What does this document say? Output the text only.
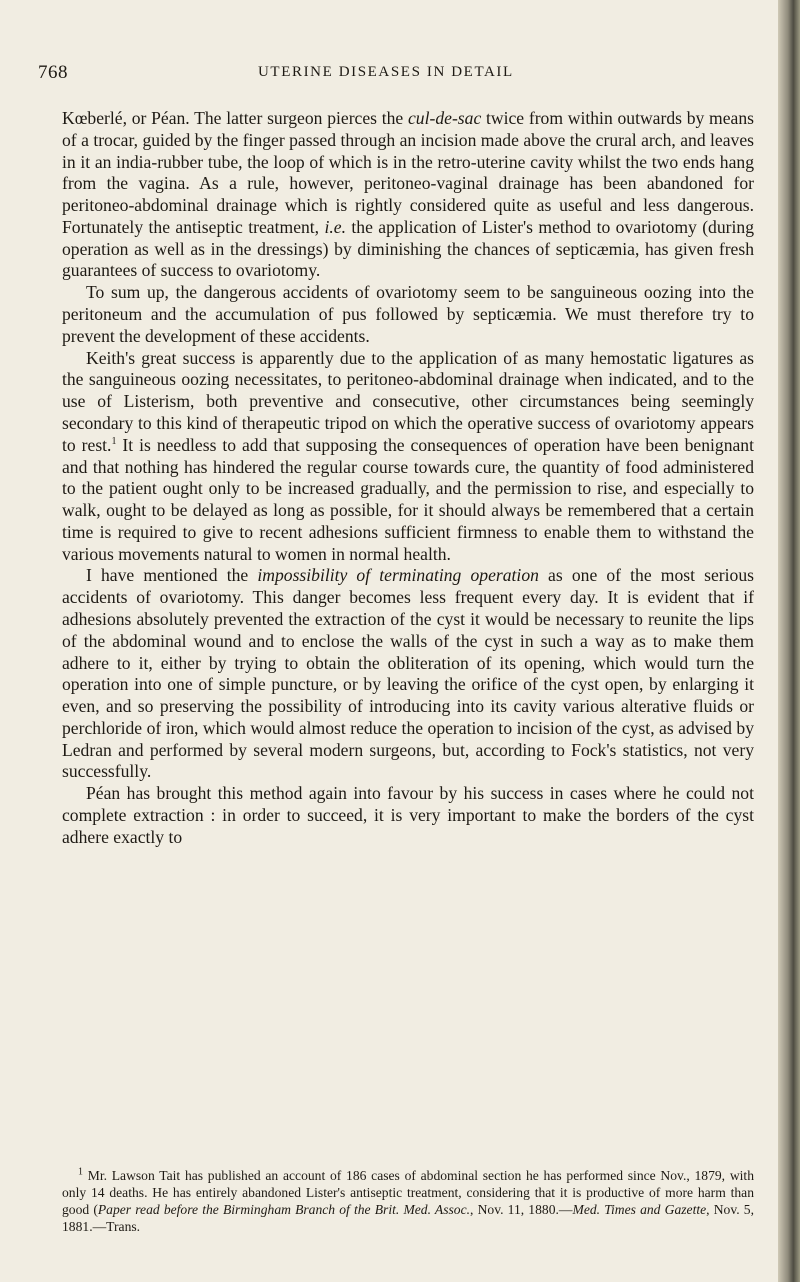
768	UTERINE DISEASES IN DETAIL

Kœberlé, or Péan. The latter surgeon pierces the cul-de-sac twice from within outwards by means of a trocar, guided by the finger passed through an incision made above the crural arch, and leaves in it an india-rubber tube, the loop of which is in the retro-uterine cavity whilst the two ends hang from the vagina. As a rule, however, peritoneo-vaginal drainage has been abandoned for peritoneo-abdominal drainage which is rightly considered quite as useful and less dangerous. Fortunately the antiseptic treatment, i.e. the application of Lister's method to ovariotomy (during operation as well as in the dressings) by diminishing the chances of septicæmia, has given fresh guarantees of success to ovariotomy.

To sum up, the dangerous accidents of ovariotomy seem to be sanguineous oozing into the peritoneum and the accumulation of pus followed by septicæmia. We must therefore try to prevent the development of these accidents.

Keith's great success is apparently due to the application of as many hemostatic ligatures as the sanguineous oozing necessitates, to peritoneo-abdominal drainage when indicated, and to the use of Listerism, both preventive and consecutive, other circumstances being seemingly secondary to this kind of therapeutic tripod on which the operative success of ovariotomy appears to rest.$^1$ It is needless to add that supposing the consequences of operation have been benignant and that nothing has hindered the regular course towards cure, the quantity of food administered to the patient ought only to be increased gradually, and the permission to rise, and especially to walk, ought to be delayed as long as possible, for it should always be remembered that a certain time is required to give to recent adhesions sufficient firmness to enable them to withstand the various movements natural to women in normal health.

I have mentioned the impossibility of terminating operation as one of the most serious accidents of ovariotomy. This danger becomes less frequent every day. It is evident that if adhesions absolutely prevented the extraction of the cyst it would be necessary to reunite the lips of the abdominal wound and to enclose the walls of the cyst in such a way as to make them adhere to it, either by trying to obtain the obliteration of its opening, which would turn the operation into one of simple puncture, or by leaving the orifice of the cyst open, by enlarging it even, and so preserving the possibility of introducing into its cavity various alterative fluids or perchloride of iron, which would almost reduce the operation to incision of the cyst, as advised by Ledran and performed by several modern surgeons, but, according to Fock's statistics, not very successfully.

Péan has brought this method again into favour by his success in cases where he could not complete extraction : in order to succeed, it is very important to make the borders of the cyst adhere exactly to

$^1$ Mr. Lawson Tait has published an account of 186 cases of abdominal section he has performed since Nov., 1879, with only 14 deaths. He has entirely abandoned Lister's antiseptic treatment, considering that it is productive of more harm than good (Paper read before the Birmingham Branch of the Brit. Med. Assoc., Nov. 11, 1880.—Med. Times and Gazette, Nov. 5, 1881.—Trans.
